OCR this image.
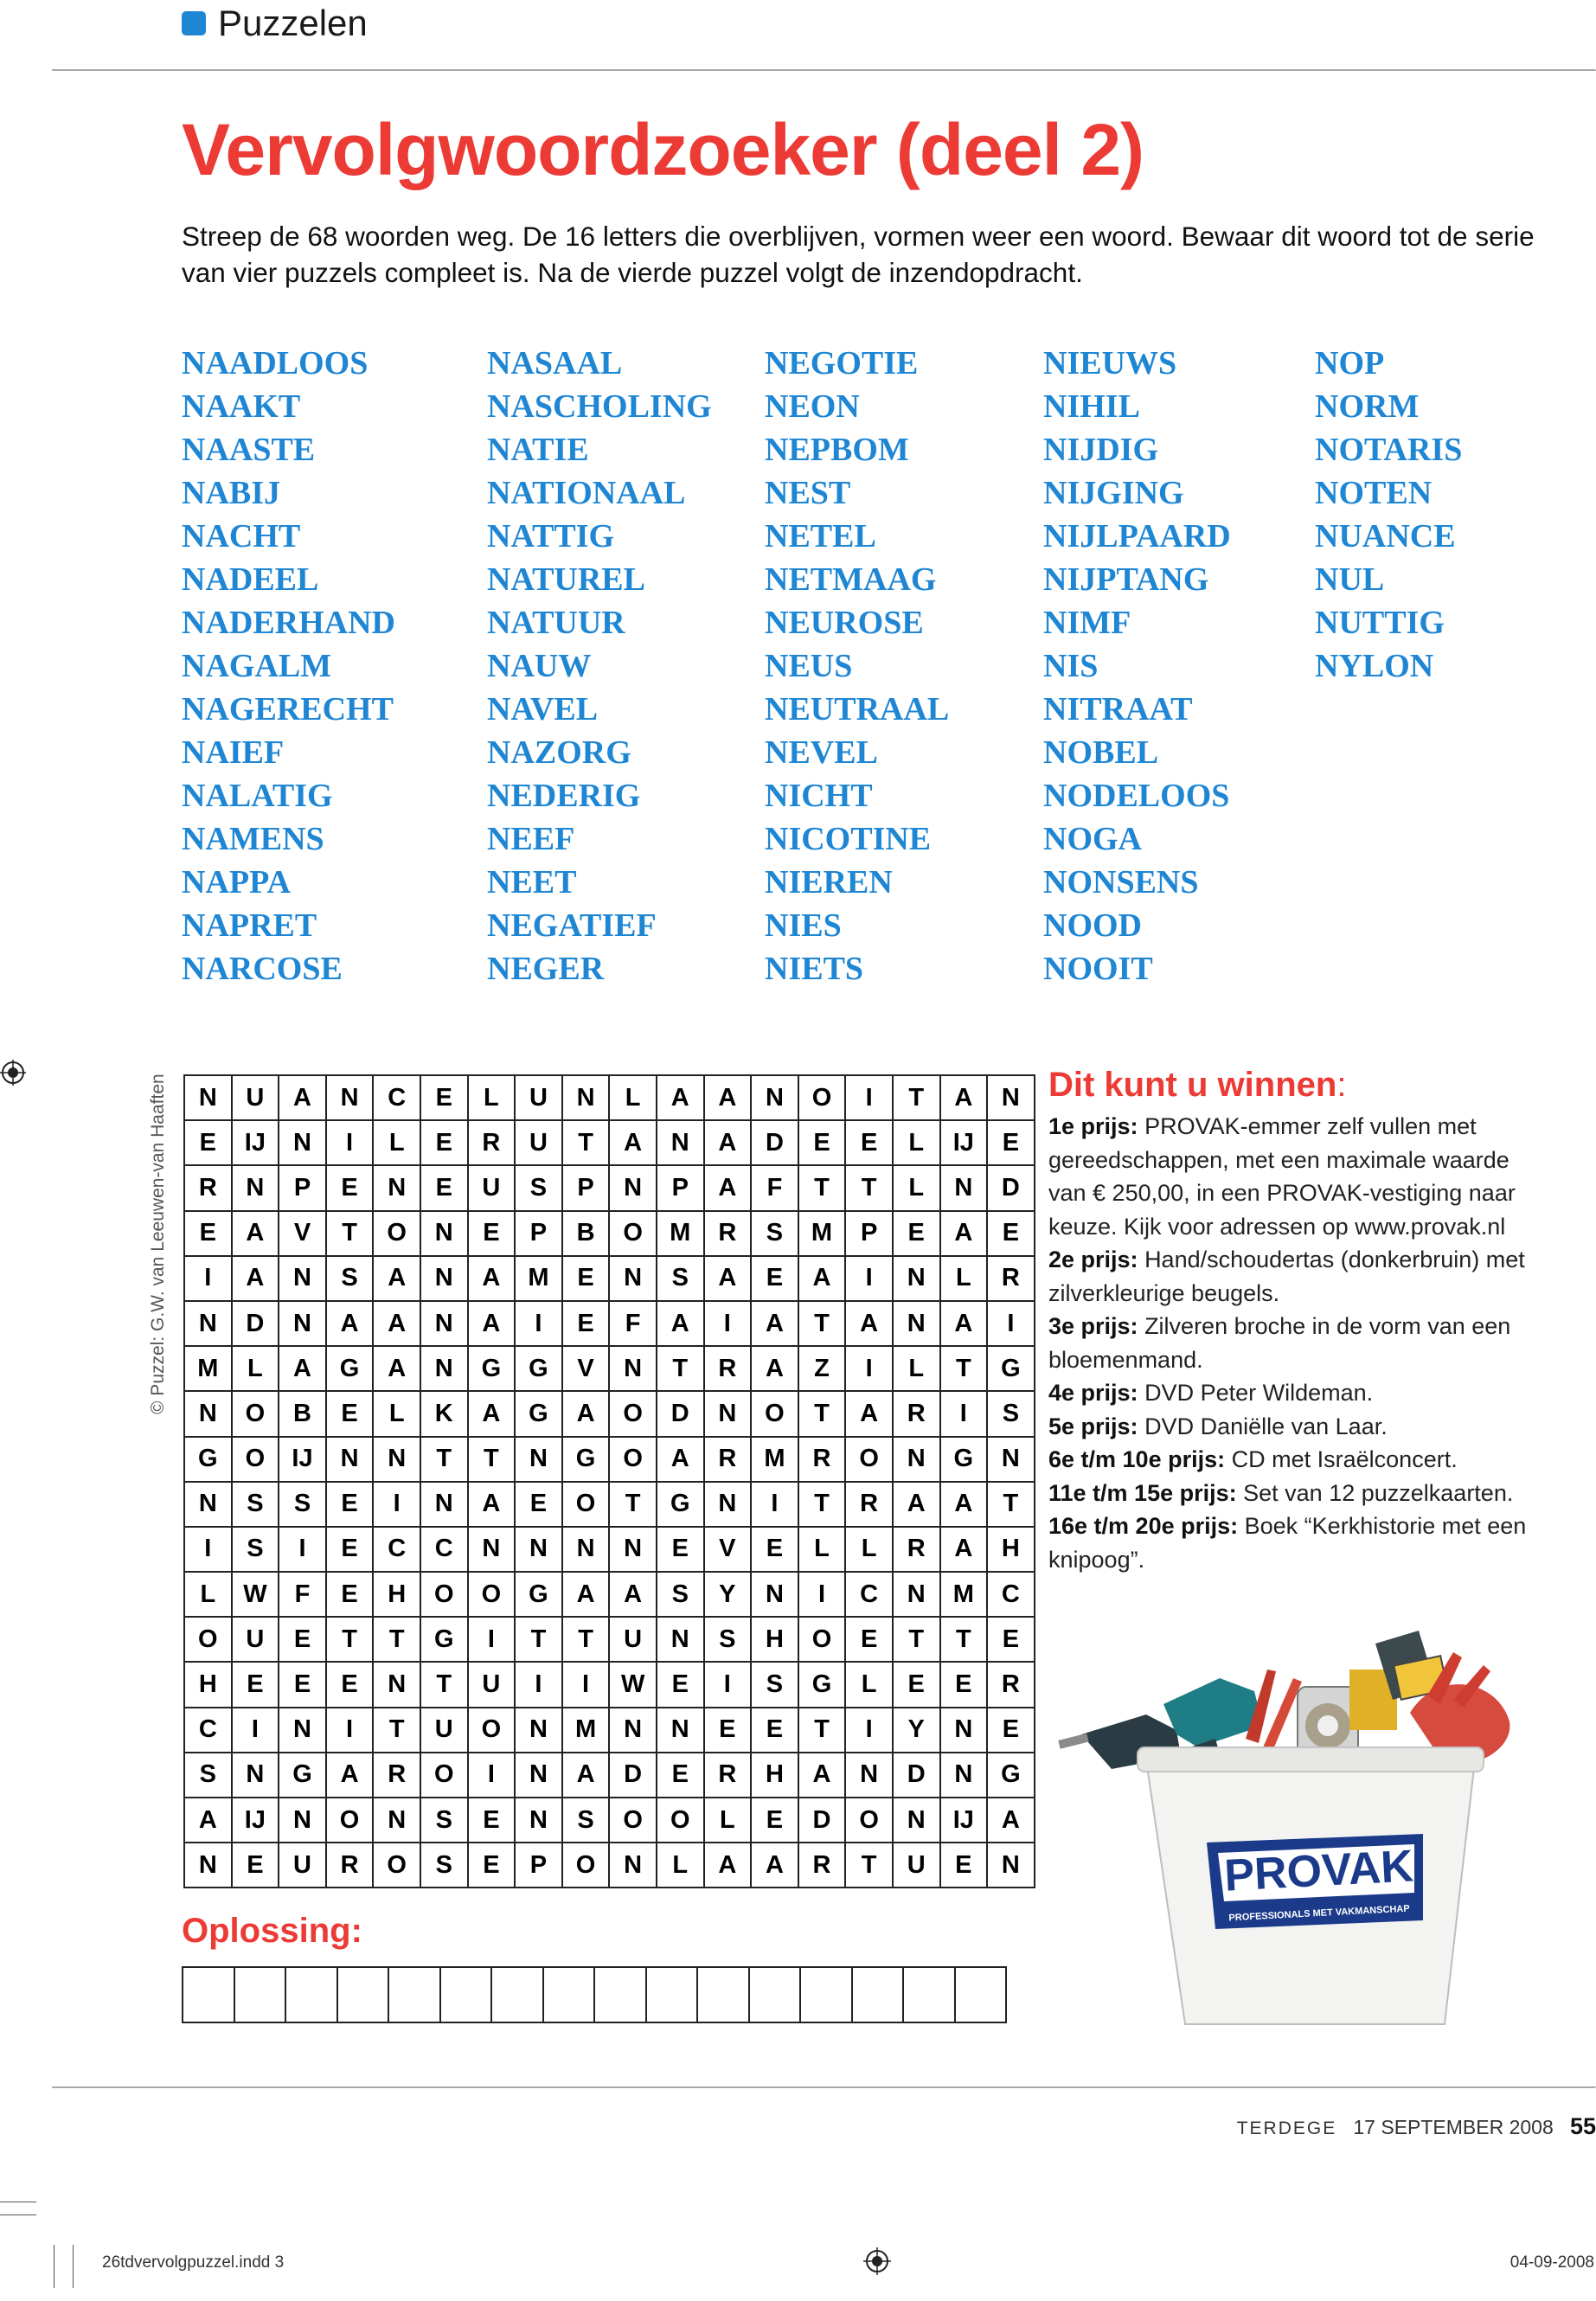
Puzzelen
Vervolgwoordzoeker (deel 2)
Streep de 68 woorden weg. De 16 letters die overblijven, vormen weer een woord. Bewaar dit woord tot de serie van vier puzzels compleet is. Na de vierde puzzel volgt de inzendopdracht.
NAADLOOS
NAAKT
NAASTE
NABIJ
NACHT
NADEEL
NADERHAND
NAGALM
NAGERECHT
NAIEF
NALATIG
NAMENS
NAPPA
NAPRET
NARCOSE
NASAAL
NASCHOLING
NATIE
NATIONAAL
NATTIG
NATUREL
NATUUR
NAUW
NAVEL
NAZORG
NEDERIG
NEEF
NEET
NEGATIEF
NEGER
NEGOTIE
NEON
NEPBOM
NEST
NETEL
NETMAAG
NEUROSE
NEUS
NEUTRAAL
NEVEL
NICHT
NICOTINE
NIEREN
NIES
NIETS
NIEUWS
NIHIL
NIJDIG
NIJGING
NIJLPAARD
NIJPTANG
NIMF
NIS
NITRAAT
NOBEL
NODELOOS
NOGA
NONSENS
NOOD
NOOIT
NOP
NORM
NOTARIS
NOTEN
NUANCE
NUL
NUTTIG
NYLON
© Puzzel: G.W. van Leeuwen-van Haaften N	U	A	N	C	E	L	U	N	L	A	A	N	O	I	T	A	N
E	IJ	N	I	L	E	R	U	T	A	N	A	D	E	E	L	IJ	E
R	N	P	E	N	E	U	S	P	N	P	A	F	T	T	L	N	D
E	A	V	T	O	N	E	P	B	O	M	R	S	M	P	E	A	E
I	A	N	S	A	N	A	M	E	N	S	A	E	A	I	N	L	R
N	D	N	A	A	N	A	I	E	F	A	I	A	T	A	N	A	I
M	L	A	G	A	N	G	G	V	N	T	R	A	Z	I	L	T	G
N	O	B	E	L	K	A	G	A	O	D	N	O	T	A	R	I	S
G	O	IJ	N	N	T	T	N	G	O	A	R	M	R	O	N	G	N
N	S	S	E	I	N	A	E	O	T	G	N	I	T	R	A	A	T
I	S	I	E	C	C	N	N	N	N	E	V	E	L	L	R	A	H
L	W	F	E	H	O	O	G	A	A	S	Y	N	I	C	N	M	C
O	U	E	T	T	G	I	T	T	U	N	S	H	O	E	T	T	E
H	E	E	E	N	T	U	I	I	W	E	I	S	G	L	E	E	R
C	I	N	I	T	U	O	N	M	N	N	E	E	T	I	Y	N	E
S	N	G	A	R	O	I	N	A	D	E	R	H	A	N	D	N	G
A	IJ	N	O	N	S	E	N	S	O	O	L	E	D	O	N	IJ	A
N	E	U	R	O	S	E	P	O	N	L	A	A	R	T	U	E	N
Oplossing:

Dit kunt u winnen:
1e prijs: PROVAK-emmer zelf vullen met gereedschappen, met een maximale waarde van € 250,00, in een PROVAK-vestiging naar keuze. Kijk voor adressen op www.provak.nl
2e prijs: Hand/schoudertas (donkerbruin) met zilverkleurige beugels.
3e prijs: Zilveren broche in de vorm van een bloemenmand.
4e prijs: DVD Peter Wildeman.
5e prijs: DVD Daniëlle van Laar.
6e t/m 10e prijs: CD met Israëlconcert.
11e t/m 15e prijs: Set van 12 puzzelkaarten.
16e t/m 20e prijs: Boek “Kerkhistorie met een knipoog”.
PROVAK
PROFESSIONALS MET VAKMANSCHAP
TERDEGE 17 SEPTEMBER 2008 55
26tdvervolgpuzzel.indd 3	04-09-2008
